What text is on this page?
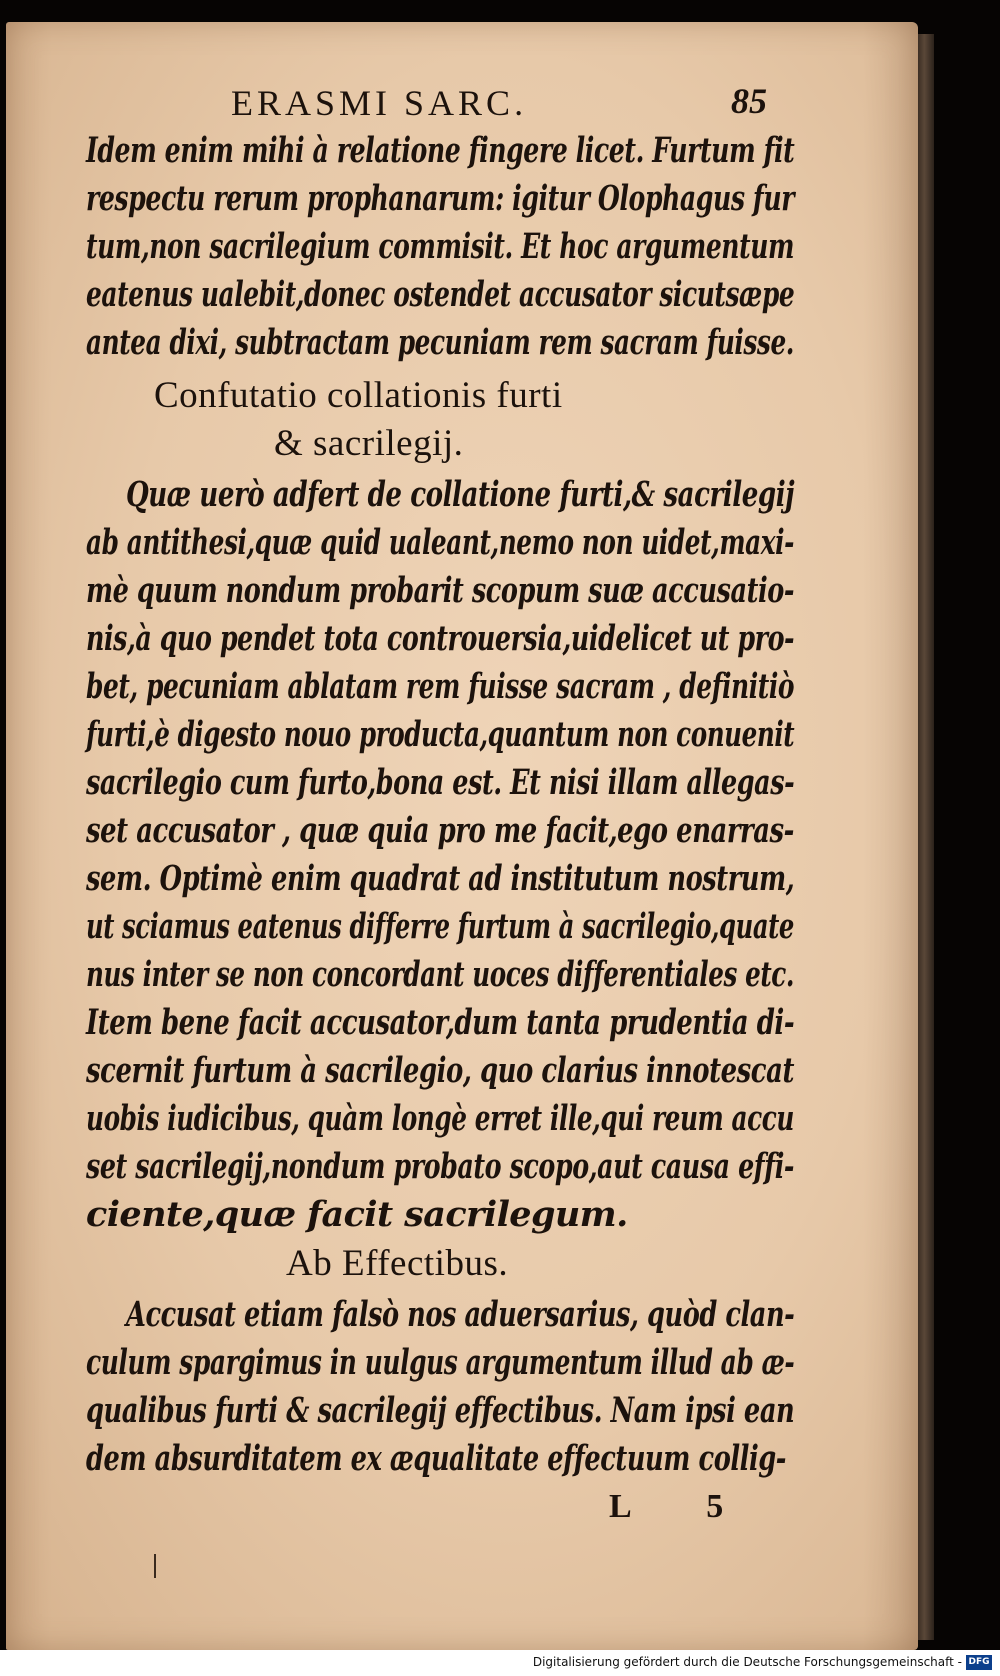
ERASMI SARC.	85
Idem enim mihi à relatione fingere licet. Furtum fit
respectu rerum prophanarum: igitur Olophagus fur
tum,non sacrilegium commisit. Et hoc argumentum
eatenus ualebit,donec ostendet accusator sicutsæpe
antea dixi, subtractam pecuniam rem sacram fuisse.
Confutatio collationis furti
& sacrilegij.
Quæ uerò adfert de collatione furti,& sacrilegij
ab antithesi,quæ quid ualeant,nemo non uidet,maxi-
mè quum nondum probarit scopum suæ accusatio-
nis,à quo pendet tota controuersia,uidelicet ut pro-
bet, pecuniam ablatam rem fuisse sacram , definitiò
furti,è digesto nouo producta,quantum non conuenit
sacrilegio cum furto,bona est. Et nisi illam allegas-
set accusator , quæ quia pro me facit,ego enarras-
sem. Optimè enim quadrat ad institutum nostrum,
ut sciamus eatenus differre furtum à sacrilegio,quate
nus inter se non concordant uoces differentiales etc.
Item bene facit accusator,dum tanta prudentia di-
scernit furtum à sacrilegio, quo clarius innotescat
uobis iudicibus, quàm longè erret ille,qui reum accu
set sacrilegij,nondum probato scopo,aut causa effi-
ciente,quæ facit sacrilegum.
Ab Effectibus.
Accusat etiam falsò nos aduersarius, quòd clan-
culum spargimus in uulgus argumentum illud ab æ-
qualibus furti & sacrilegij effectibus. Nam ipsi ean
dem absurditatem ex æqualitate effectuum collig-
L 5
Digitalisierung gefördert durch die Deutsche Forschungsgemeinschaft - DFG
